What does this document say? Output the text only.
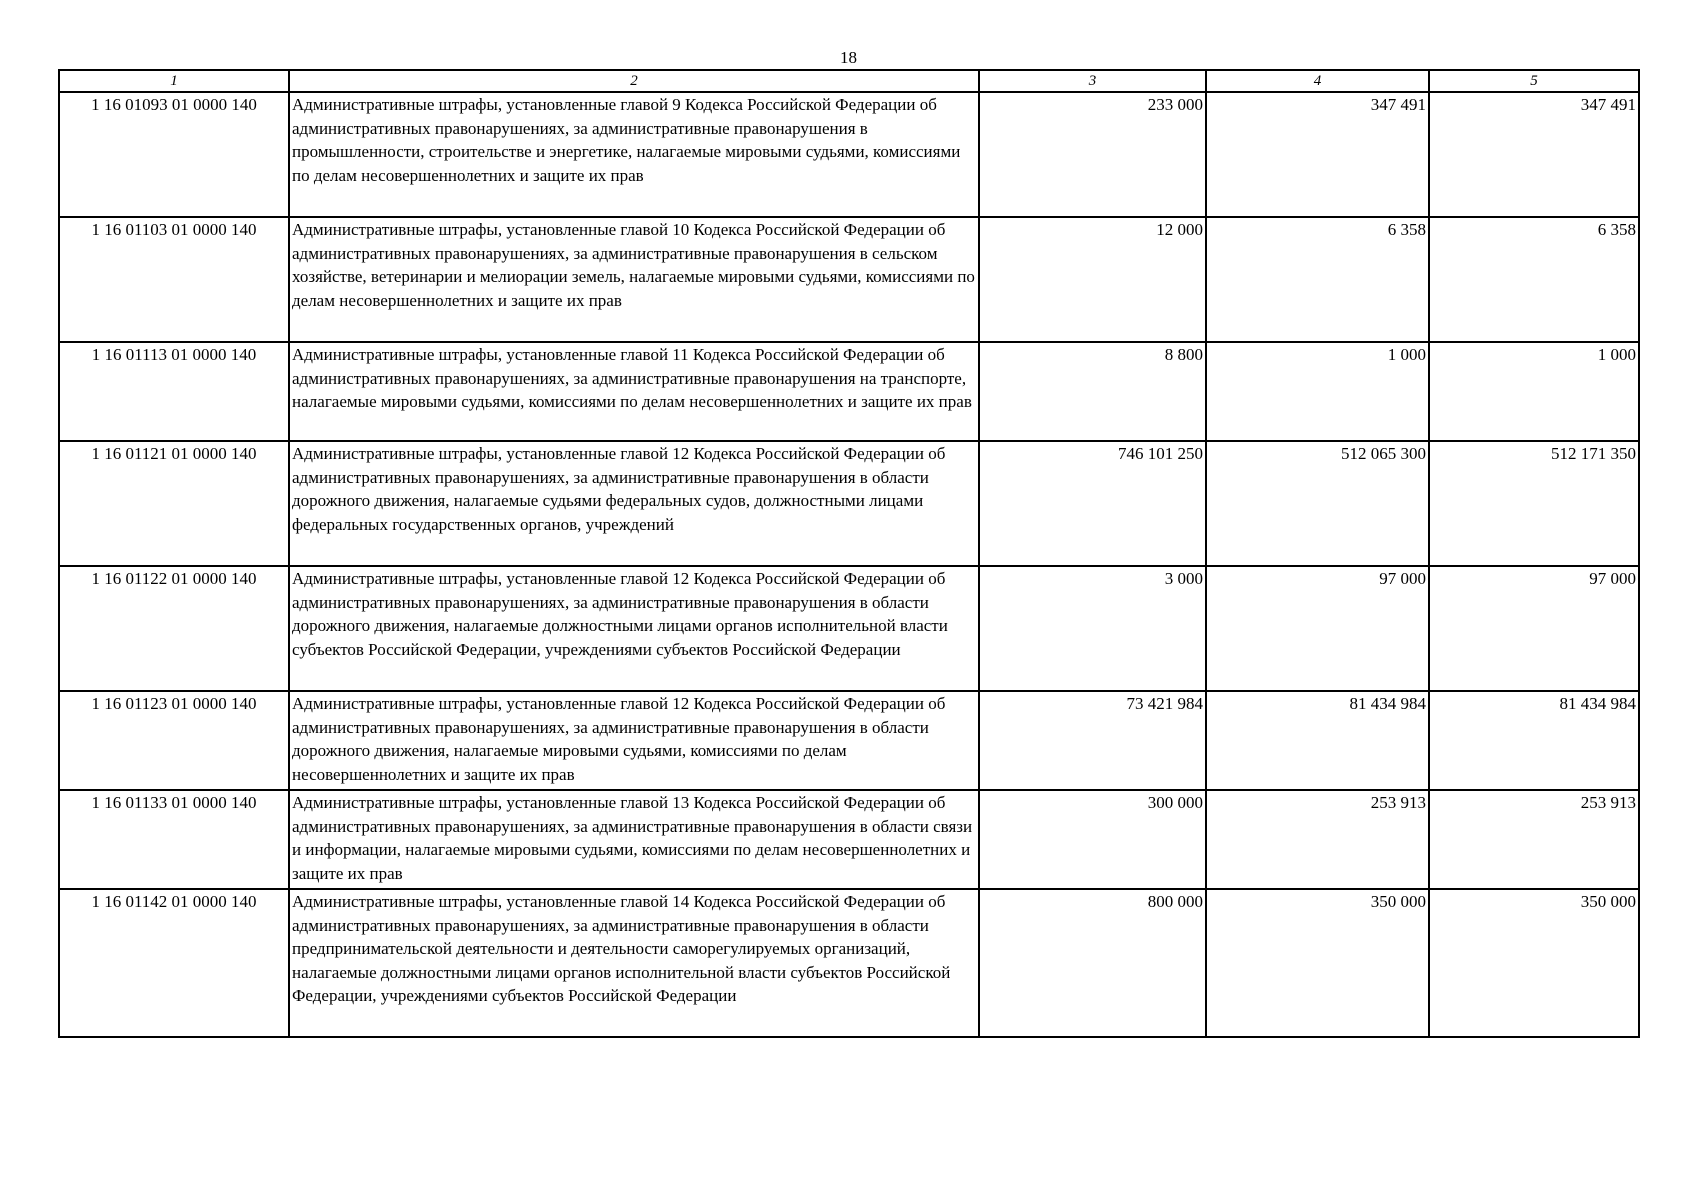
18
1	2	3	4	5
1 16 01093 01 0000 140	Административные штрафы, установленные главой 9 Кодекса Российской Федерации об административных правонарушениях, за административные правонарушения в промышленности, строительстве и энергетике, налагаемые мировыми судьями, комиссиями по делам несовершеннолетних и защите их прав	233 000	347 491	347 491
1 16 01103 01 0000 140	Административные штрафы, установленные главой 10 Кодекса Российской Федерации об административных правонарушениях, за административные правонарушения в сельском хозяйстве, ветеринарии и мелиорации земель, налагаемые мировыми судьями, комиссиями по делам несовершеннолетних и защите их прав	12 000	6 358	6 358
1 16 01113 01 0000 140	Административные штрафы, установленные главой 11 Кодекса Российской Федерации об административных правонарушениях, за административные правонарушения на транспорте, налагаемые мировыми судьями, комиссиями по делам несовершеннолетних и защите их прав	8 800	1 000	1 000
1 16 01121 01 0000 140	Административные штрафы, установленные главой 12 Кодекса Российской Федерации об административных правонарушениях, за административные правонарушения в области дорожного движения, налагаемые судьями федеральных судов, должностными лицами федеральных государственных органов, учреждений	746 101 250	512 065 300	512 171 350
1 16 01122 01 0000 140	Административные штрафы, установленные главой 12 Кодекса Российской Федерации об административных правонарушениях, за административные правонарушения в области дорожного движения, налагаемые должностными лицами органов исполнительной власти субъектов Российской Федерации, учреждениями субъектов Российской Федерации	3 000	97 000	97 000
1 16 01123 01 0000 140	Административные штрафы, установленные главой 12 Кодекса Российской Федерации об административных правонарушениях, за административные правонарушения в области дорожного движения, налагаемые мировыми судьями, комиссиями по делам несовершеннолетних и защите их прав	73 421 984	81 434 984	81 434 984
1 16 01133 01 0000 140	Административные штрафы, установленные главой 13 Кодекса Российской Федерации об административных правонарушениях, за административные правонарушения в области связи и информации, налагаемые мировыми судьями, комиссиями по делам несовершеннолетних и защите их прав	300 000	253 913	253 913
1 16 01142 01 0000 140	Административные штрафы, установленные главой 14 Кодекса Российской Федерации об административных правонарушениях, за административные правонарушения в области предпринимательской деятельности и деятельности саморегулируемых организаций, налагаемые должностными лицами органов исполнительной власти субъектов Российской Федерации, учреждениями субъектов Российской Федерации	800 000	350 000	350 000
